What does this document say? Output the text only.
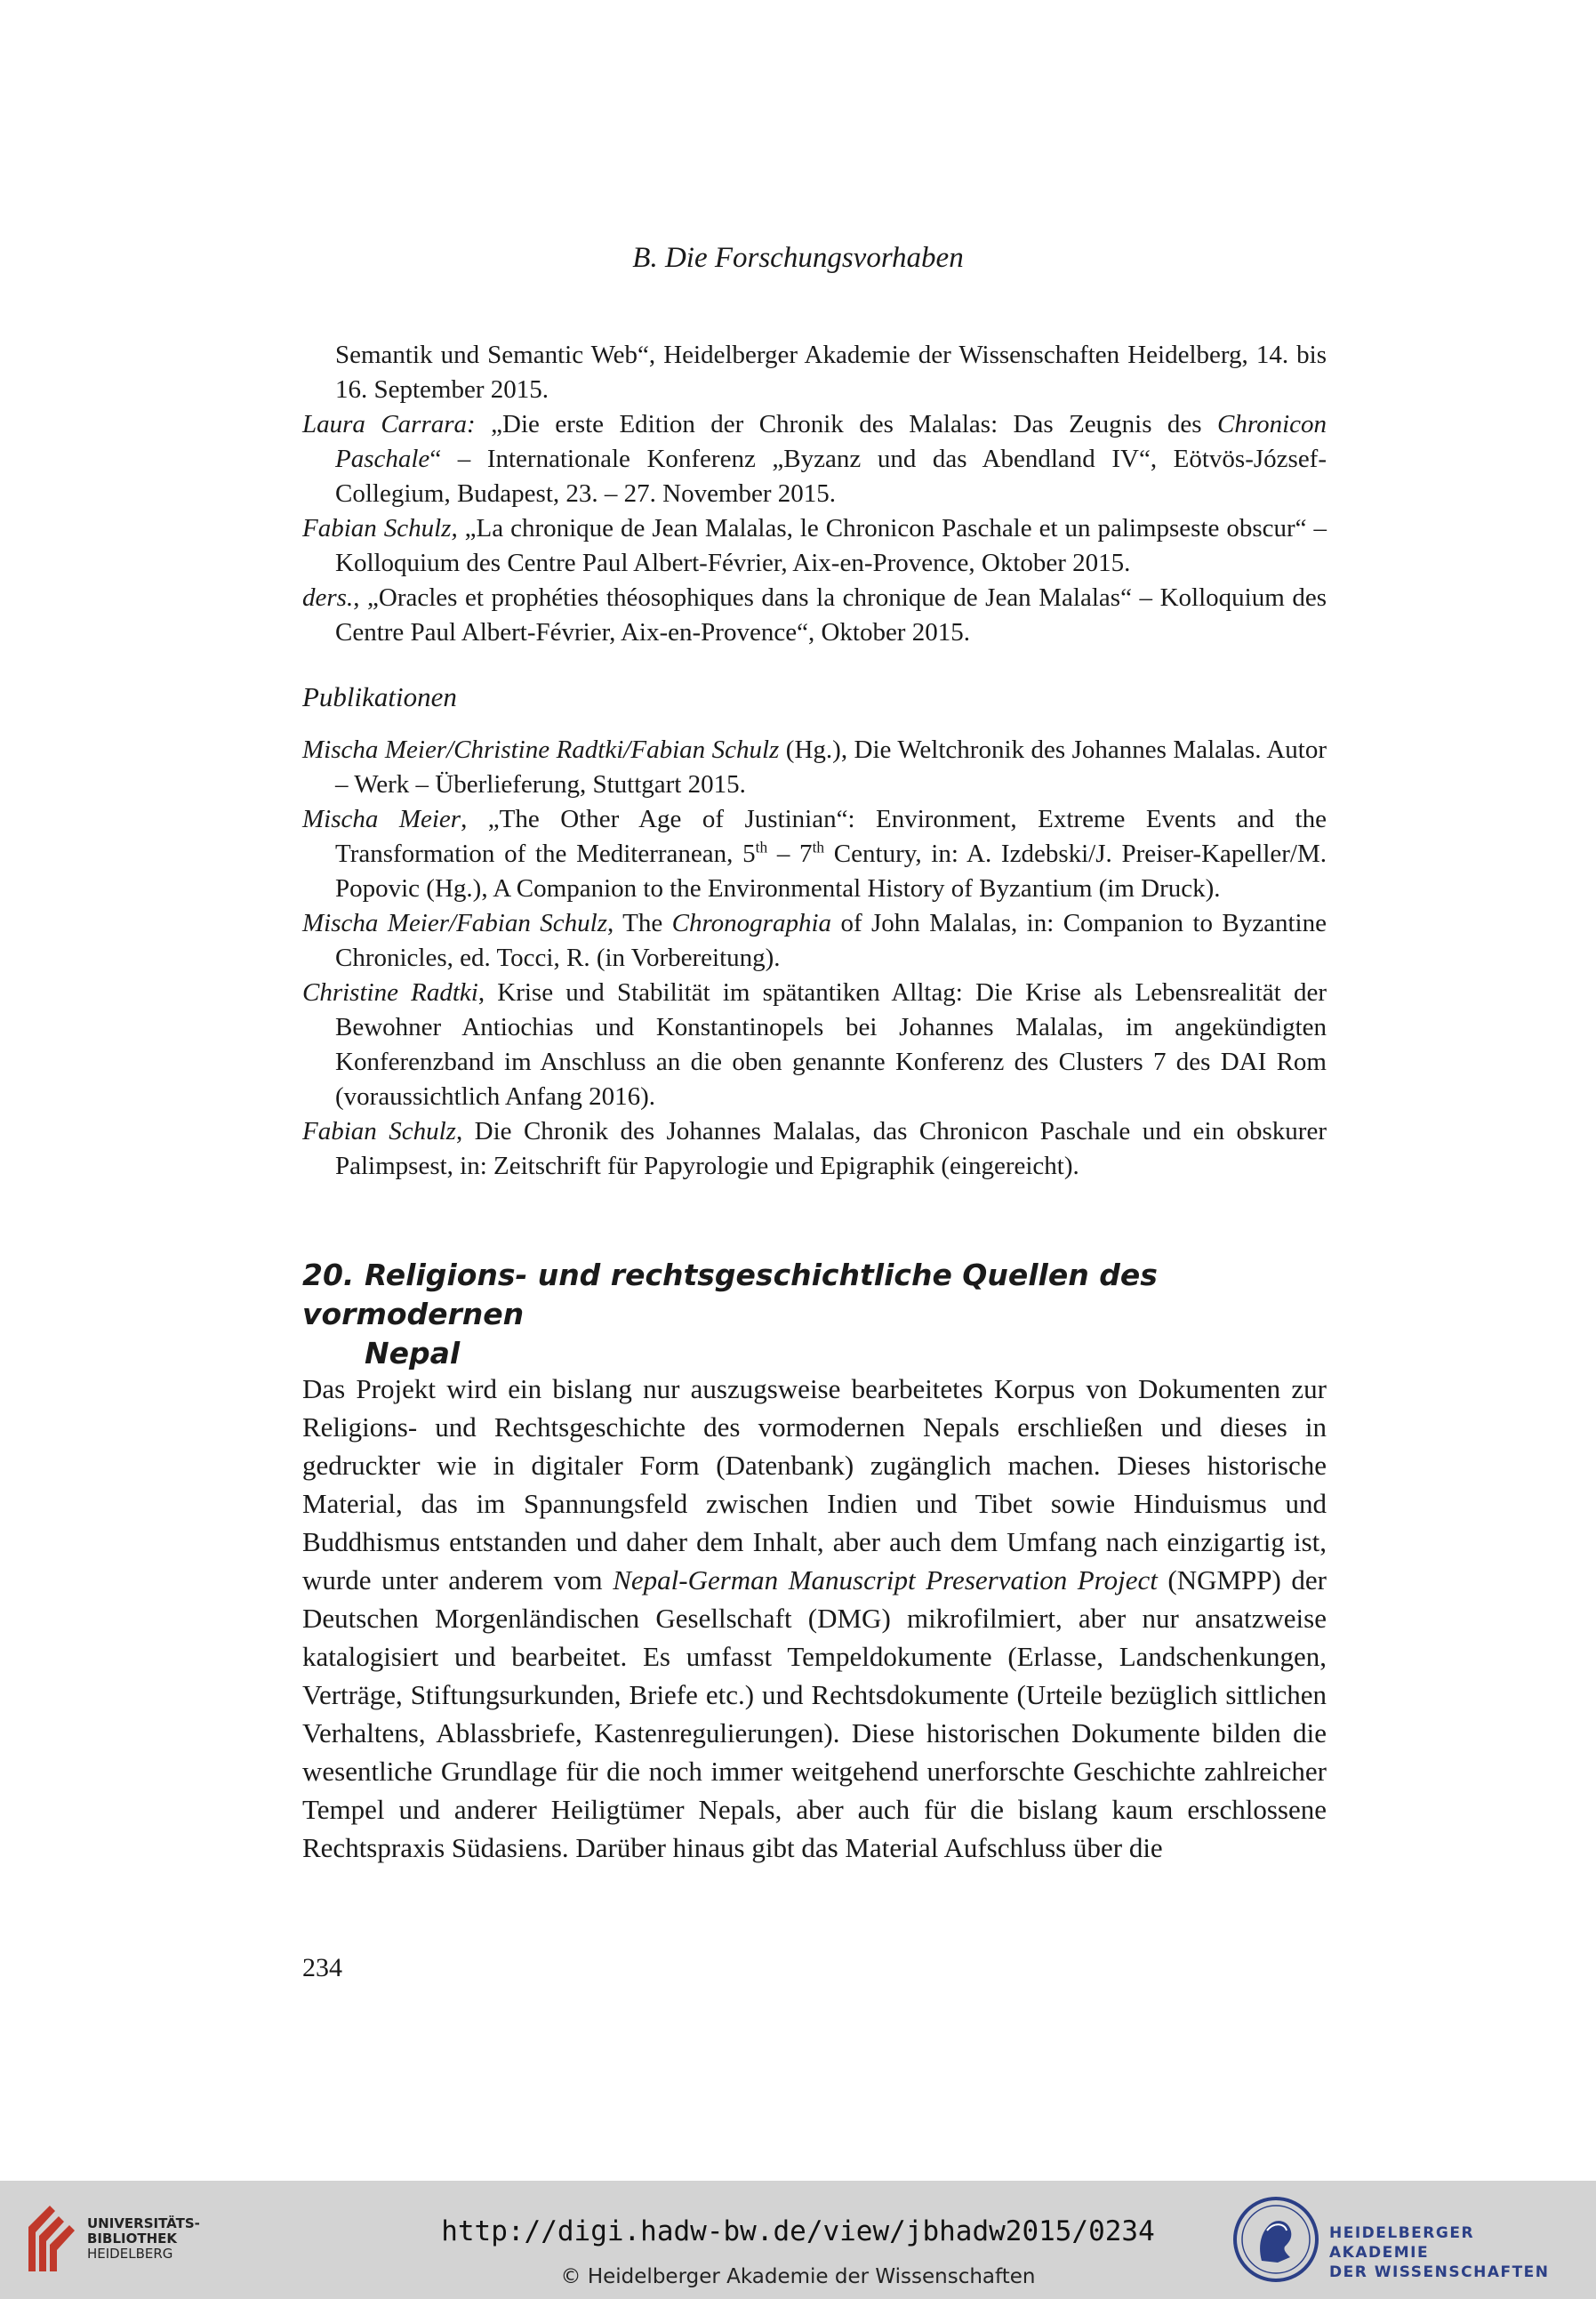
B. Die Forschungsvorhaben
Semantik und Semantic Web“, Heidelberger Akademie der Wissenschaften Heidelberg, 14. bis 16. September 2015.
Laura Carrara: „Die erste Edition der Chronik des Malalas: Das Zeugnis des Chronicon Paschale“ – Internationale Konferenz „Byzanz und das Abendland IV“, Eötvös-József-Collegium, Budapest, 23. – 27. November 2015.
Fabian Schulz, „La chronique de Jean Malalas, le Chronicon Paschale et un palimpseste obscur“ – Kolloquium des Centre Paul Albert-Février, Aix-en-Provence, Oktober 2015.
ders., „Oracles et prophéties théosophiques dans la chronique de Jean Malalas“ – Kolloquium des Centre Paul Albert-Février, Aix-en-Provence“, Oktober 2015.
Publikationen
Mischa Meier/Christine Radtki/Fabian Schulz (Hg.), Die Weltchronik des Johannes Malalas. Autor – Werk – Überlieferung, Stuttgart 2015.
Mischa Meier, „The Other Age of Justinian“: Environment, Extreme Events and the Transformation of the Mediterranean, 5th – 7th Century, in: A. Izdebski/J. Preiser-Kapeller/M. Popovic (Hg.), A Companion to the Environmental History of Byzantium (im Druck).
Mischa Meier/Fabian Schulz, The Chronographia of John Malalas, in: Companion to Byzantine Chronicles, ed. Tocci, R. (in Vorbereitung).
Christine Radtki, Krise und Stabilität im spätantiken Alltag: Die Krise als Lebensrealität der Bewohner Antiochias und Konstantinopels bei Johannes Malalas, im angekündigten Konferenzband im Anschluss an die oben genannte Konferenz des Clusters 7 des DAI Rom (voraussichtlich Anfang 2016).
Fabian Schulz, Die Chronik des Johannes Malalas, das Chronicon Paschale und ein obskurer Palimpsest, in: Zeitschrift für Papyrologie und Epigraphik (eingereicht).
20. Religions- und rechtsgeschichtliche Quellen des vormodernen
Nepal
Das Projekt wird ein bislang nur auszugsweise bearbeitetes Korpus von Dokumenten zur Religions- und Rechtsgeschichte des vormodernen Nepals erschließen und dieses in gedruckter wie in digitaler Form (Datenbank) zugänglich machen. Dieses historische Material, das im Spannungsfeld zwischen Indien und Tibet sowie Hinduismus und Buddhismus entstanden und daher dem Inhalt, aber auch dem Umfang nach einzigartig ist, wurde unter anderem vom Nepal-German Manuscript Preservation Project (NGMPP) der Deutschen Morgenländischen Gesellschaft (DMG) mikrofilmiert, aber nur ansatzweise katalogisiert und bearbeitet. Es umfasst Tempeldokumente (Erlasse, Landschenkungen, Verträge, Stiftungsurkunden, Briefe etc.) und Rechtsdokumente (Urteile bezüglich sittlichen Verhaltens, Ablassbriefe, Kastenregulierungen). Diese historischen Dokumente bilden die wesentliche Grundlage für die noch immer weitgehend unerforschte Geschichte zahlreicher Tempel und anderer Heiligtümer Nepals, aber auch für die bislang kaum erschlossene Rechtspraxis Südasiens. Darüber hinaus gibt das Material Aufschluss über die
234
UNIVERSITÄTS-
BIBLIOTHEK
HEIDELBERG
http://digi.hadw-bw.de/view/jbhadw2015/0234
© Heidelberger Akademie der Wissenschaften
HEIDELBERGER AKADEMIE
DER WISSENSCHAFTEN
